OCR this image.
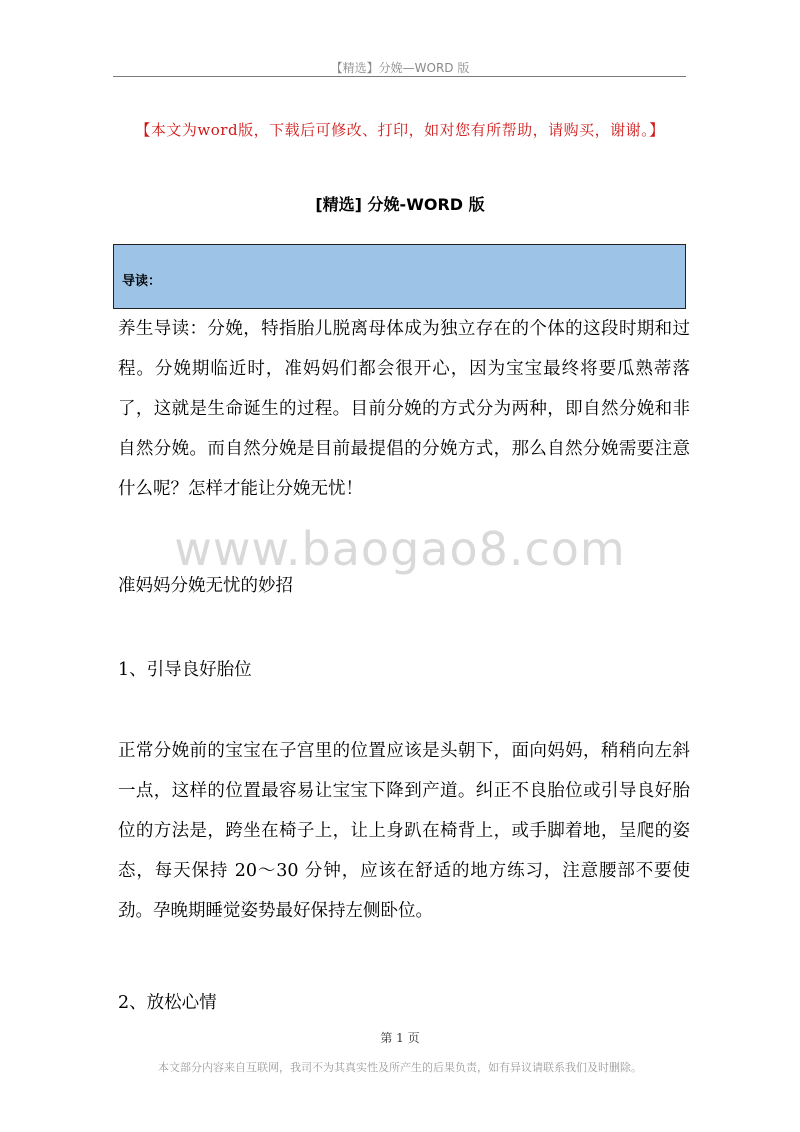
【精选】分娩—WORD 版
【本文为word版，下载后可修改、打印，如对您有所帮助，请购买，谢谢。】
[精选] 分娩-WORD 版
导读：
养生导读：分娩，特指胎儿脱离母体成为独立存在的个体的这段时期和过程。分娩期临近时，准妈妈们都会很开心，因为宝宝最终将要瓜熟蒂落了，这就是生命诞生的过程。目前分娩的方式分为两种，即自然分娩和非自然分娩。而自然分娩是目前最提倡的分娩方式，那么自然分娩需要注意什么呢？怎样才能让分娩无忧！
www.baogao8.com
准妈妈分娩无忧的妙招
1、引导良好胎位
正常分娩前的宝宝在子宫里的位置应该是头朝下，面向妈妈，稍稍向左斜一点，这样的位置最容易让宝宝下降到产道。纠正不良胎位或引导良好胎位的方法是，跨坐在椅子上，让上身趴在椅背上，或手脚着地，呈爬的姿态，每天保持 20～30 分钟，应该在舒适的地方练习，注意腰部不要使劲。孕晚期睡觉姿势最好保持左侧卧位。
2、放松心情
第 1 页
本文部分内容来自互联网，我司不为其真实性及所产生的后果负责，如有异议请联系我们及时删除。
